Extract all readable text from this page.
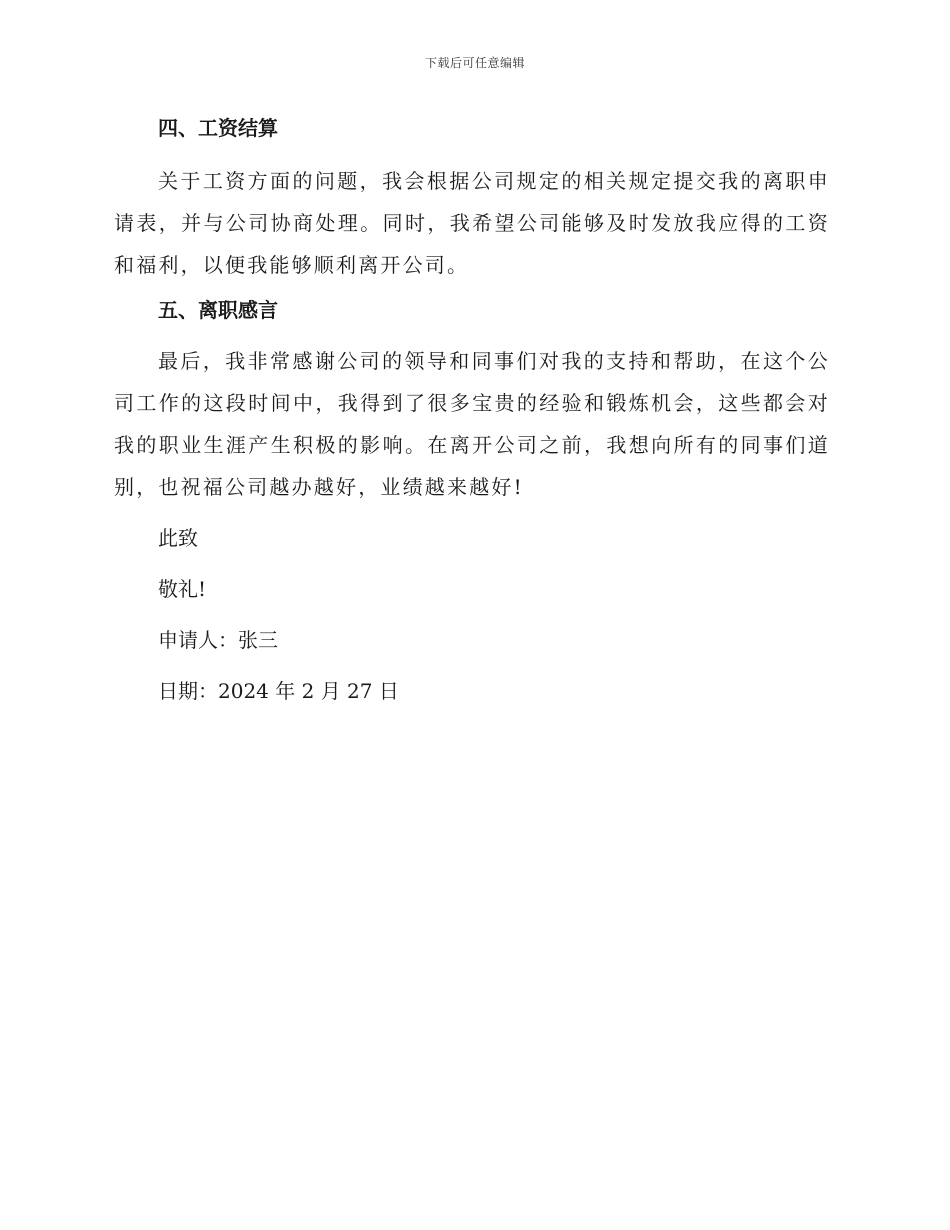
下载后可任意编辑
四、工资结算

关于工资方面的问题，我会根据公司规定的相关规定提交我的离职申请表，并与公司协商处理。同时，我希望公司能够及时发放我应得的工资和福利，以便我能够顺利离开公司。

五、离职感言

最后，我非常感谢公司的领导和同事们对我的支持和帮助，在这个公司工作的这段时间中，我得到了很多宝贵的经验和锻炼机会，这些都会对我的职业生涯产生积极的影响。在离开公司之前，我想向所有的同事们道别，也祝福公司越办越好，业绩越来越好!

此致

敬礼!

申请人：张三

日期：2024 年 2 月 27 日
